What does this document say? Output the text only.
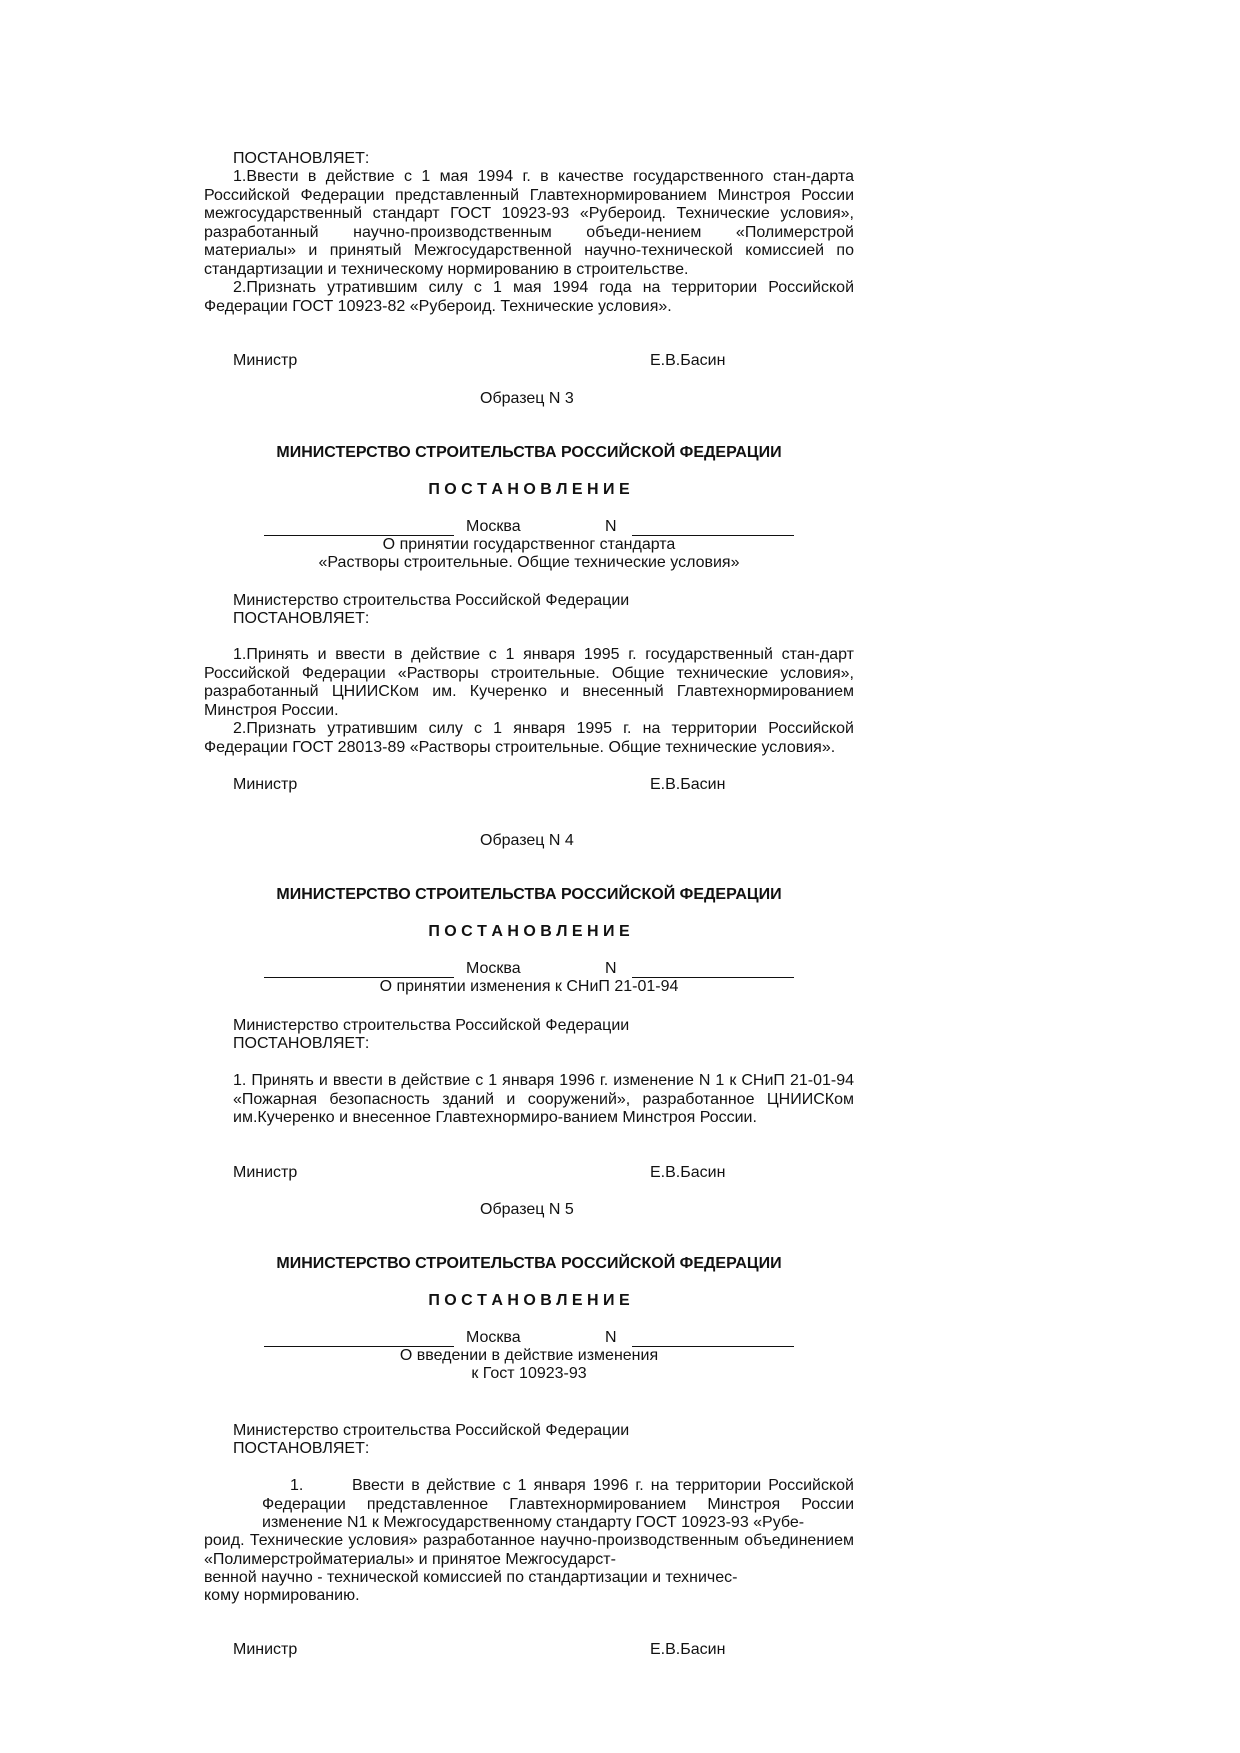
ПОСТАНОВЛЯЕТ:

1.Ввести в действие с 1 мая 1994 г. в качестве государственного стан-дарта Российской Федерации представленный Главтехнормированием Минстроя России межгосударственный стандарт ГОСТ 10923-93 «Рубероид. Технические условия», разработанный научно-производственным объеди-нением «Полимерстрой материалы» и принятый Межгосударственной научно-технической комиссией по стандартизации и техническому нормированию в строительстве.

2.Признать утратившим силу с 1 мая 1994 года на территории Российской Федерации ГОСТ 10923-82 «Рубероид. Технические условия».

Министр	Е.В.Басин
Образец N 3
МИНИСТЕРСТВО СТРОИТЕЛЬСТВА РОССИЙСКОЙ ФЕДЕРАЦИИ
П О С Т А Н О В Л Е Н И Е
Москва	N
О принятии государственног стандарта
«Растворы строительные. Общие технические условия»
Министерство строительства Российской Федерации
ПОСТАНОВЛЯЕТ:

1.Принять и ввести в действие с 1 января 1995 г. государственный стан-дарт Российской Федерации «Растворы строительные. Общие технические условия», разработанный ЦНИИСКом им. Кучеренко и внесенный Главтехнормированием Минстроя России.

2.Признать утратившим силу с 1 января 1995 г. на территории Российской Федерации ГОСТ 28013-89 «Растворы строительные. Общие технические условия».

Министр	Е.В.Басин
Образец N 4
МИНИСТЕРСТВО СТРОИТЕЛЬСТВА РОССИЙСКОЙ ФЕДЕРАЦИИ
П О С Т А Н О В Л Е Н И Е
Москва	N
О принятии изменения к СНиП 21-01-94
Министерство строительства Российской Федерации
ПОСТАНОВЛЯЕТ:

1. Принять и ввести в действие с 1 января 1996 г. изменение N 1 к СНиП 21-01-94 «Пожарная безопасность зданий и сооружений», разработанное ЦНИИСКом им.Кучеренко и внесенное Главтехнормиро-ванием Минстроя России.

Министр	Е.В.Басин
Образец N 5
МИНИСТЕРСТВО СТРОИТЕЛЬСТВА РОССИЙСКОЙ ФЕДЕРАЦИИ
П О С Т А Н О В Л Е Н И Е
Москва	N
О введении в действие изменения
к Гост 10923-93
Министерство строительства Российской Федерации
ПОСТАНОВЛЯЕТ:
1.	Ввести в действие с 1 января 1996 г. на территории Российской Федерации представленное Главтехнормированием Минстроя России изменение N1 к Межгосударственному стандарту ГОСТ 10923-93 «Рубе-
роид. Технические условия» разработанное научно-производственным объединением «Полимерстройматериалы» и принятое Межгосударст-
венной научно - технической комиссией по стандартизации и техничес-
кому нормированию.
Министр	Е.В.Басин
